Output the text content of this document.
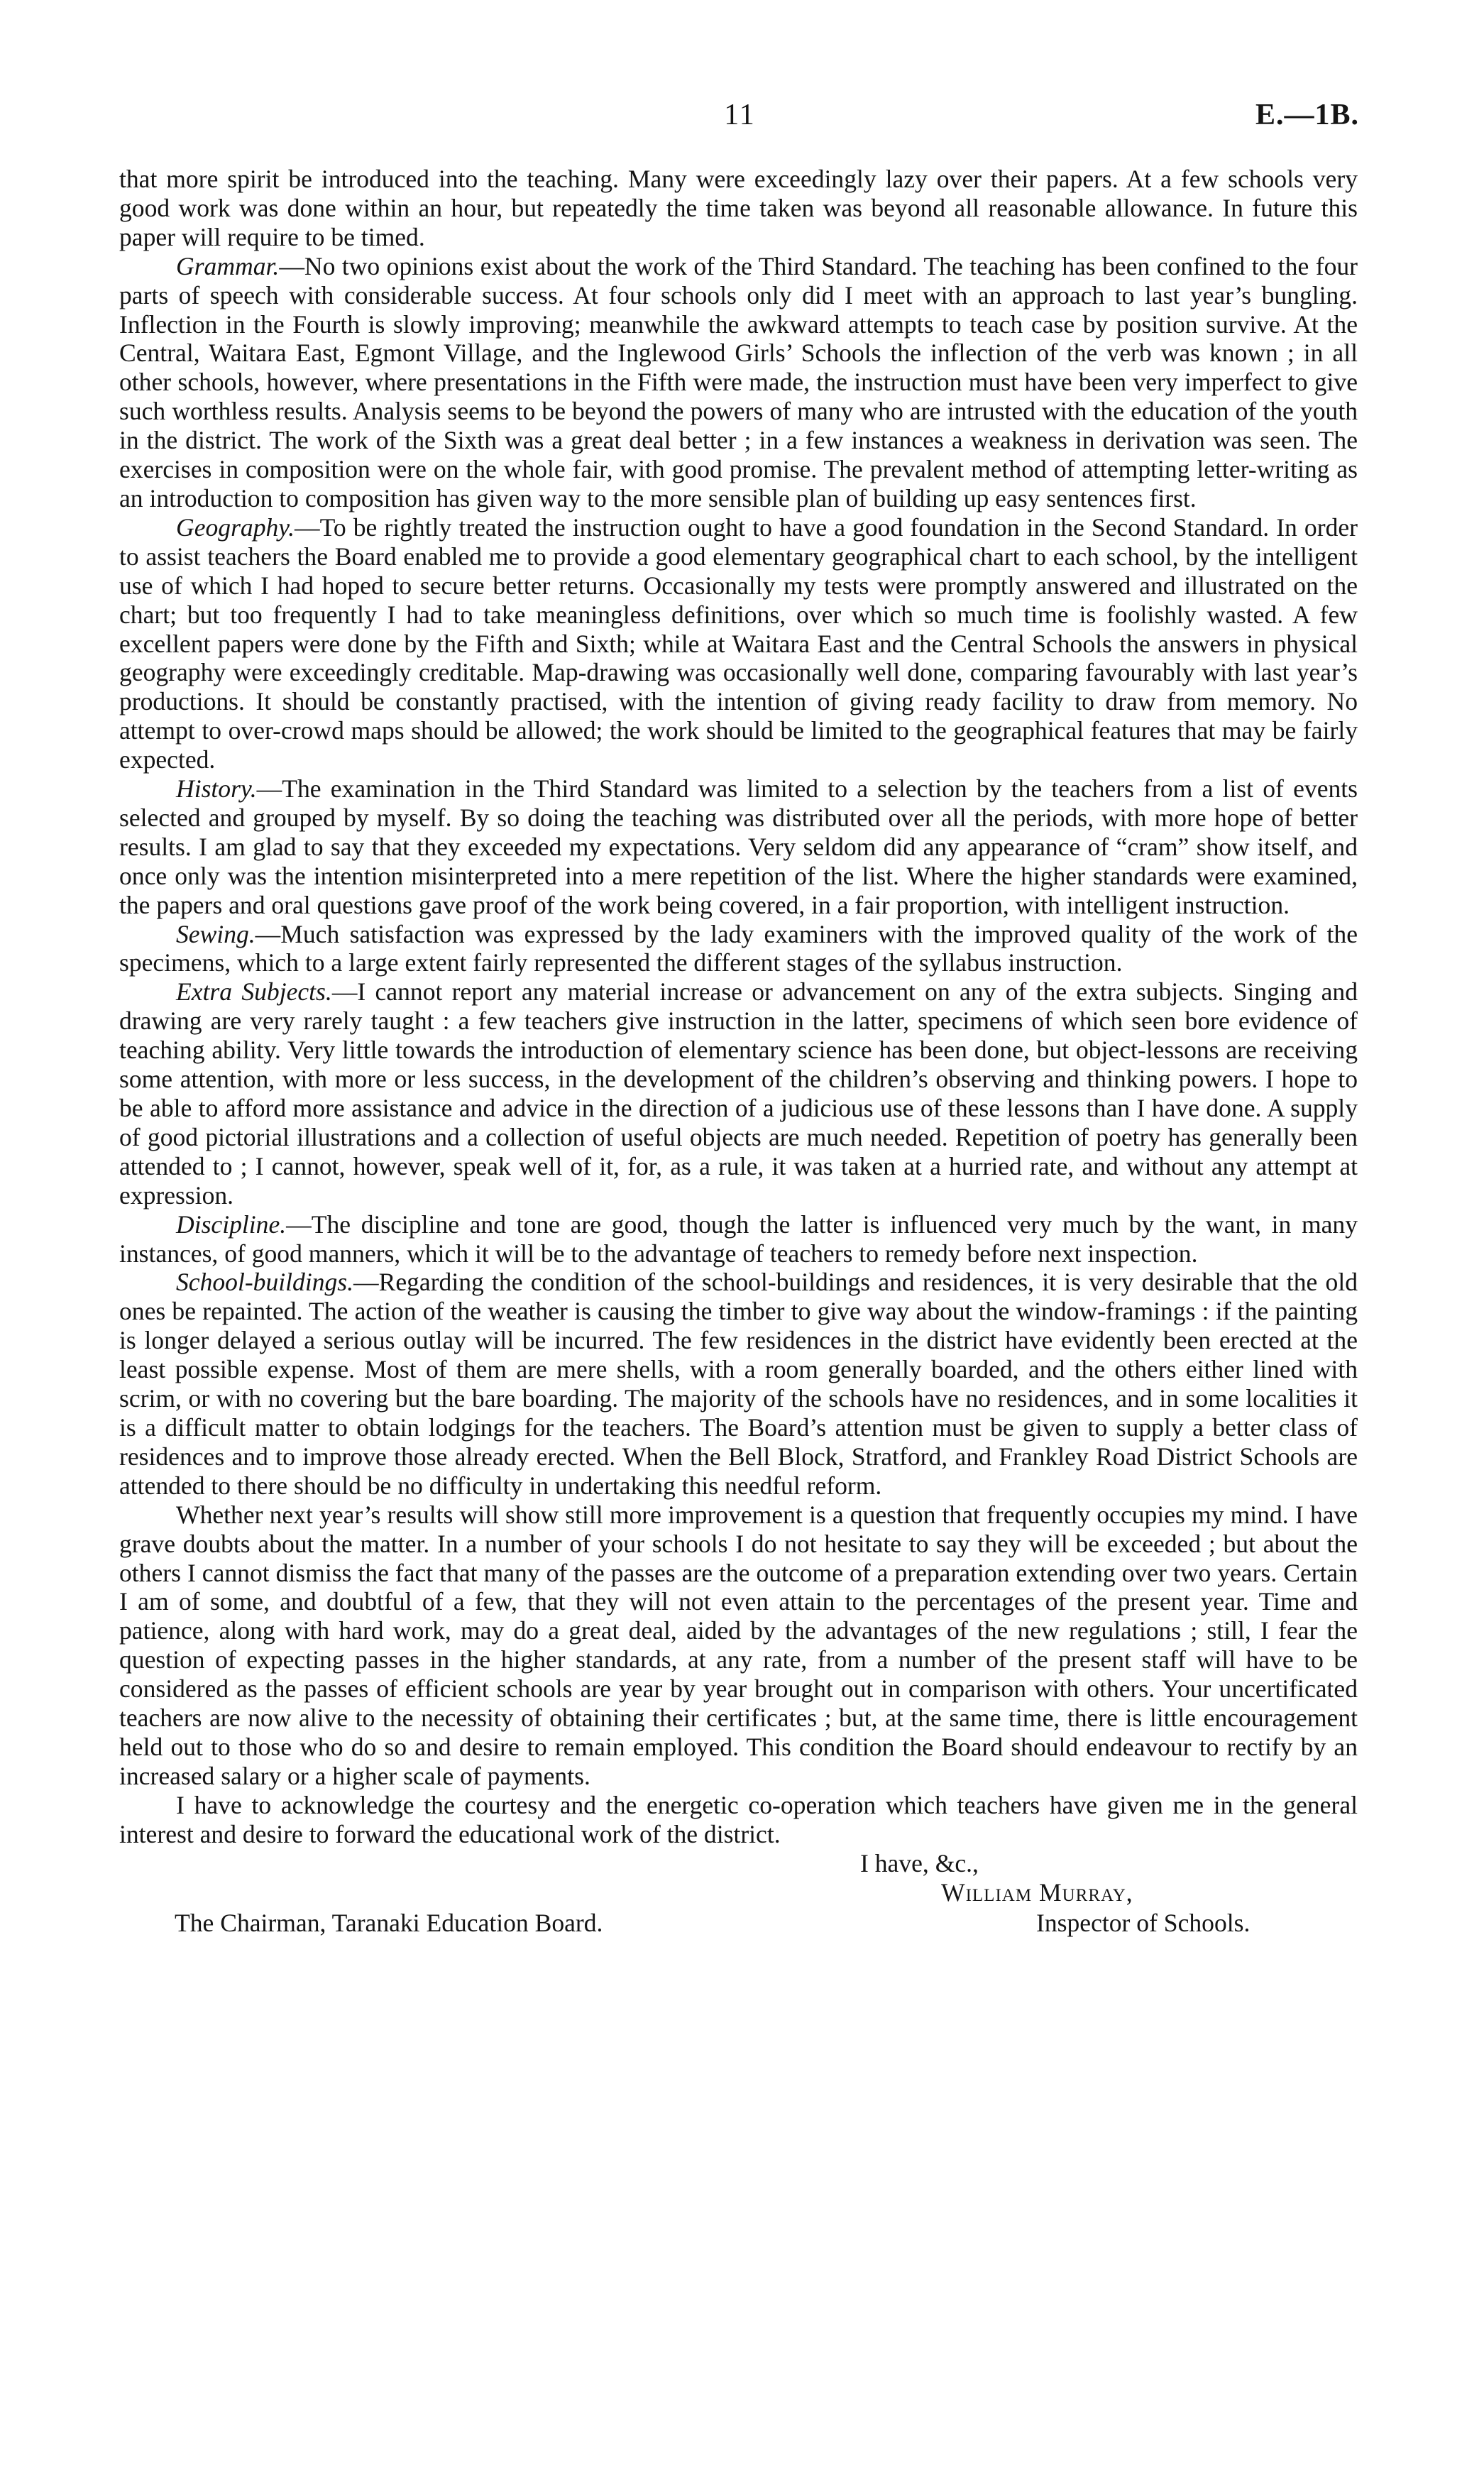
11	E.—1B.

that more spirit be introduced into the teaching. Many were exceedingly lazy over their papers. At a few schools very good work was done within an hour, but repeatedly the time taken was beyond all reasonable allowance. In future this paper will require to be timed.

Grammar.—No two opinions exist about the work of the Third Standard. The teaching has been confined to the four parts of speech with considerable success. At four schools only did I meet with an approach to last year’s bungling. Inflection in the Fourth is slowly improving; meanwhile the awkward attempts to teach case by position survive. At the Central, Waitara East, Egmont Village, and the Inglewood Girls’ Schools the inflection of the verb was known ; in all other schools, however, where presentations in the Fifth were made, the instruction must have been very imperfect to give such worthless results. Analysis seems to be beyond the powers of many who are intrusted with the education of the youth in the district. The work of the Sixth was a great deal better ; in a few instances a weakness in derivation was seen. The exercises in composition were on the whole fair, with good promise. The prevalent method of attempting letter-writing as an introduction to composition has given way to the more sensible plan of building up easy sentences first.

Geography.—To be rightly treated the instruction ought to have a good foundation in the Second Standard. In order to assist teachers the Board enabled me to provide a good elementary geographical chart to each school, by the intelligent use of which I had hoped to secure better returns. Occasionally my tests were promptly answered and illustrated on the chart; but too frequently I had to take meaningless definitions, over which so much time is foolishly wasted. A few excellent papers were done by the Fifth and Sixth; while at Waitara East and the Central Schools the answers in physical geography were exceedingly creditable. Map-drawing was occasionally well done, comparing favourably with last year’s productions. It should be constantly practised, with the intention of giving ready facility to draw from memory. No attempt to over-crowd maps should be allowed; the work should be limited to the geographical features that may be fairly expected.

History.—The examination in the Third Standard was limited to a selection by the teachers from a list of events selected and grouped by myself. By so doing the teaching was distributed over all the periods, with more hope of better results. I am glad to say that they exceeded my expectations. Very seldom did any appearance of “cram” show itself, and once only was the intention misinterpreted into a mere repetition of the list. Where the higher standards were examined, the papers and oral questions gave proof of the work being covered, in a fair proportion, with intelligent instruction.

Sewing.—Much satisfaction was expressed by the lady examiners with the improved quality of the work of the specimens, which to a large extent fairly represented the different stages of the syllabus instruction.

Extra Subjects.—I cannot report any material increase or advancement on any of the extra subjects. Singing and drawing are very rarely taught : a few teachers give instruction in the latter, specimens of which seen bore evidence of teaching ability. Very little towards the introduction of elementary science has been done, but object-lessons are receiving some attention, with more or less success, in the development of the children’s observing and thinking powers. I hope to be able to afford more assistance and advice in the direction of a judicious use of these lessons than I have done. A supply of good pictorial illustrations and a collection of useful objects are much needed. Repetition of poetry has generally been attended to ; I cannot, however, speak well of it, for, as a rule, it was taken at a hurried rate, and without any attempt at expression.

Discipline.—The discipline and tone are good, though the latter is influenced very much by the want, in many instances, of good manners, which it will be to the advantage of teachers to remedy before next inspection.

School-buildings.—Regarding the condition of the school-buildings and residences, it is very desirable that the old ones be repainted. The action of the weather is causing the timber to give way about the window-framings : if the painting is longer delayed a serious outlay will be incurred. The few residences in the district have evidently been erected at the least possible expense. Most of them are mere shells, with a room generally boarded, and the others either lined with scrim, or with no covering but the bare boarding. The majority of the schools have no residences, and in some localities it is a difficult matter to obtain lodgings for the teachers. The Board’s attention must be given to supply a better class of residences and to improve those already erected. When the Bell Block, Stratford, and Frankley Road District Schools are attended to there should be no difficulty in undertaking this needful reform.

Whether next year’s results will show still more improvement is a question that frequently occupies my mind. I have grave doubts about the matter. In a number of your schools I do not hesitate to say they will be exceeded ; but about the others I cannot dismiss the fact that many of the passes are the outcome of a preparation extending over two years. Certain I am of some, and doubtful of a few, that they will not even attain to the percentages of the present year. Time and patience, along with hard work, may do a great deal, aided by the advantages of the new regulations ; still, I fear the question of expecting passes in the higher standards, at any rate, from a number of the present staff will have to be considered as the passes of efficient schools are year by year brought out in comparison with others. Your uncertificated teachers are now alive to the necessity of obtaining their certificates ; but, at the same time, there is little encouragement held out to those who do so and desire to remain employed. This condition the Board should endeavour to rectify by an increased salary or a higher scale of payments.

I have to acknowledge the courtesy and the energetic co-operation which teachers have given me in the general interest and desire to forward the educational work of the district.

I have, &c.,
William Murray,
The Chairman, Taranaki Education Board.	Inspector of Schools.
